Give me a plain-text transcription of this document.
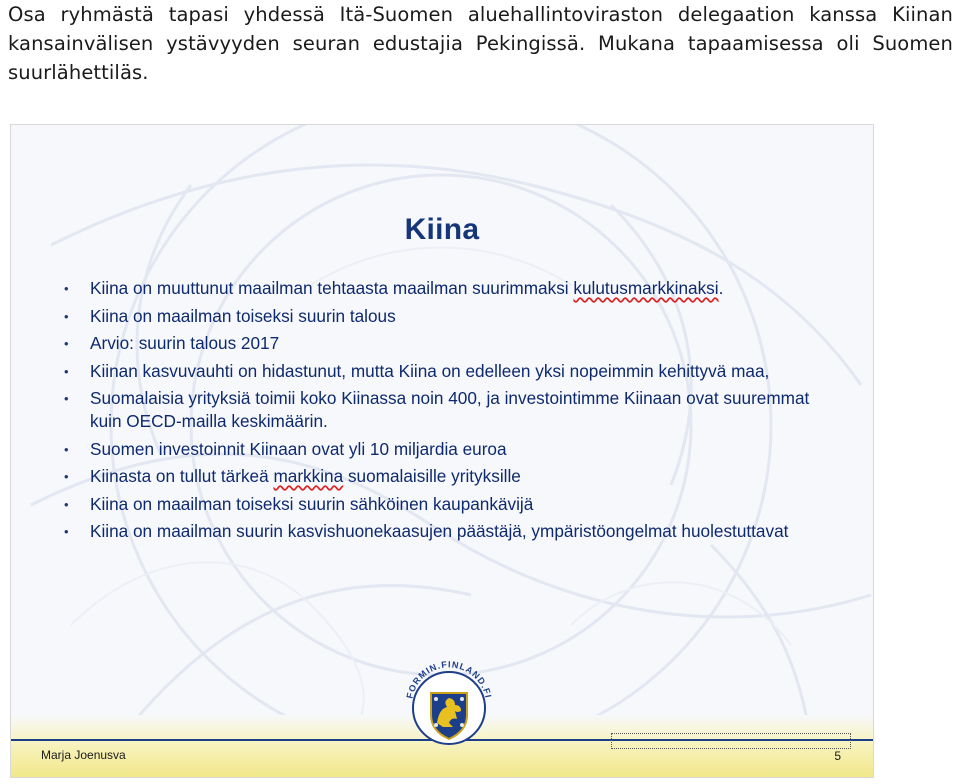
Osa ryhmästä tapasi yhdessä Itä-Suomen aluehallintoviraston delegaation kanssa Kiinan kansainvälisen ystävyyden seuran edustajia Pekingissä. Mukana tapaamisessa oli Suomen suurlähettiläs.
Kiina
• Kiina on muuttunut maailman tehtaasta maailman suurimmaksi kulutusmarkkinaksi.
• Kiina on maailman toiseksi suurin talous
• Arvio: suurin talous 2017
• Kiinan kasvuvauhti on hidastunut, mutta Kiina on edelleen yksi nopeimmin kehittyvä maa,
• Suomalaisia yrityksiä toimii koko Kiinassa noin 400, ja investointimme Kiinaan ovat suuremmat kuin OECD-mailla keskimäärin.
• Suomen investoinnit Kiinaan ovat yli 10 miljardia euroa
• Kiinasta on tullut tärkeä markkina suomalaisille yrityksille
• Kiina on maailman toiseksi suurin sähköinen kaupankävijä
• Kiina on maailman suurin kasvishuonekaasujen päästäjä, ympäristöongelmat huolestuttavat
Marja Joenusva	5
FORMIN.FINLAND.FI
